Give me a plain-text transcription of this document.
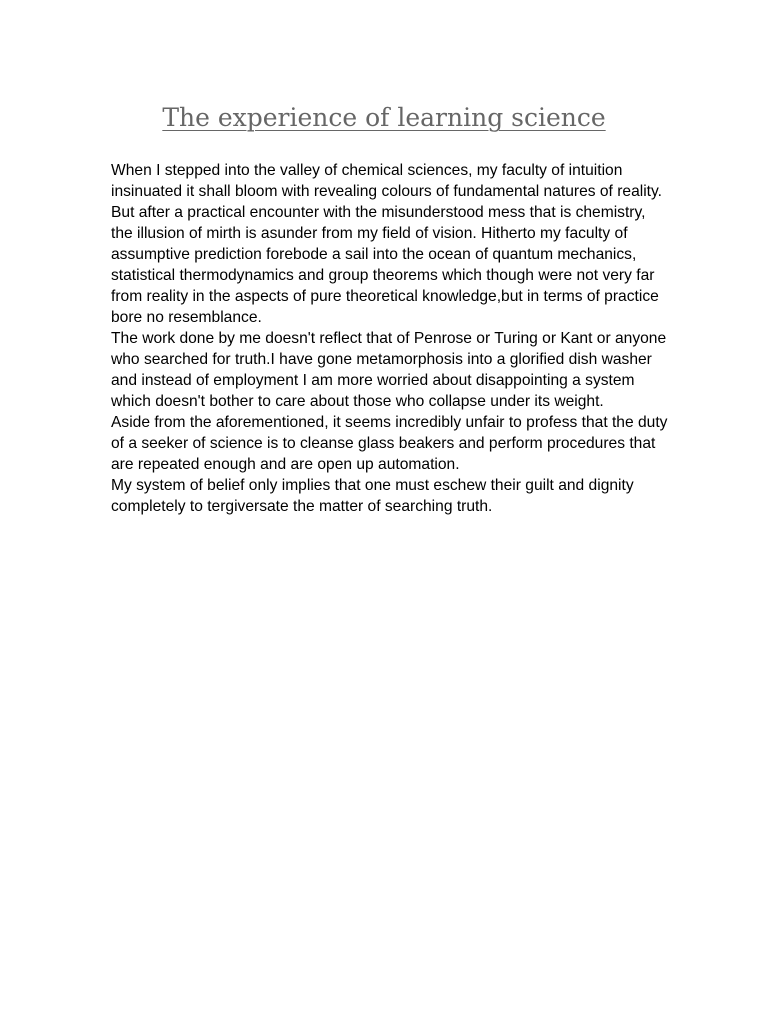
The experience of learning science

When I stepped into the valley of chemical sciences, my faculty of intuition insinuated it shall bloom with revealing colours of fundamental natures of reality.

But after a practical encounter with the misunderstood mess that is chemistry, the illusion of mirth is asunder from my field of vision. Hitherto my faculty of assumptive prediction forebode a sail into the ocean of quantum mechanics, statistical thermodynamics and group theorems which though were not very far from reality in the aspects of pure theoretical knowledge,but in terms of practice bore no resemblance.

The work done by me doesn't reflect that of Penrose or Turing or Kant or anyone who searched for truth.I have gone metamorphosis into a glorified dish washer and instead of employment I am more worried about disappointing a system which doesn't bother to care about those who collapse under its weight.

Aside from the aforementioned, it seems incredibly unfair to profess that the duty of a seeker of science is to cleanse glass beakers and perform procedures that are repeated enough and are open up automation.

My system of belief only implies that one must eschew their guilt and dignity completely to tergiversate the matter of searching truth.
